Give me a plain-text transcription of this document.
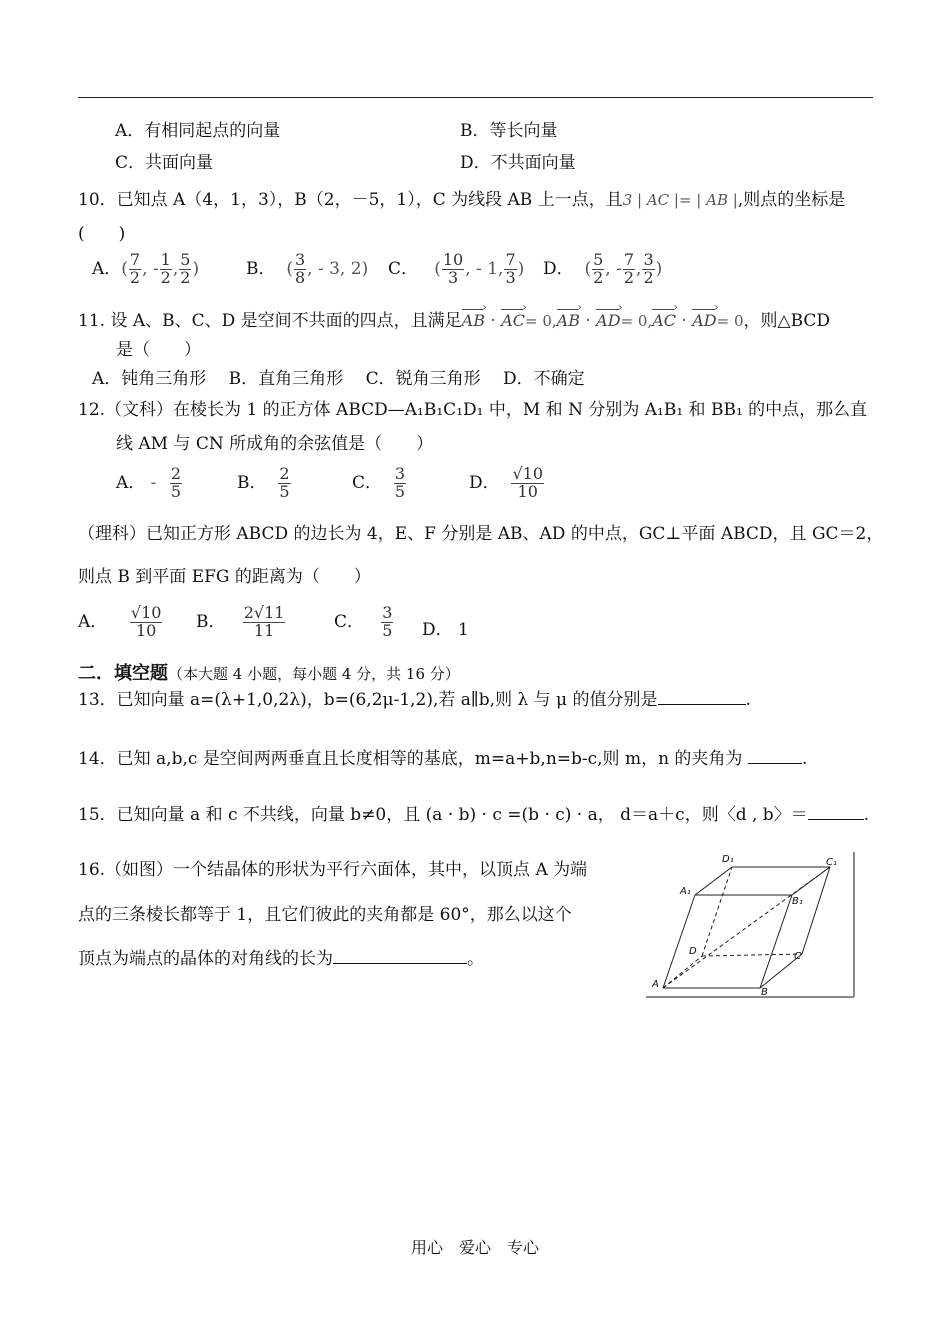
A．有相同起点的向量	B．等长向量
C．共面向量	D．不共面向量
10．已知点 A（4，1，3），B（2，－5，1），C 为线段 AB 上一点，且3 | AC |= | AB |,则点的坐标是
(　　)
A．( $\frac{7}{2}$ , - $\frac{1}{2}$ , $\frac{5}{2}$ )	B． ( $\frac{3}{8}$ , - 3, 2) C． ( $\frac{10}{3}$ , - 1, $\frac{7}{3}$ ) D． ( $\frac{5}{2}$ , - $\frac{7}{2}$ , $\frac{3}{2}$ )
11. 设 A、B、C、D 是空间不共面的四点，且满足AB › · AC ›= 0,AB › · AD ›= 0,AC › · AD ›= 0，则△BCD
是（　　）
A．钝角三角形　 B．直角三角形　 C．锐角三角形　 D．不确定
12.（文科）在棱长为 1 的正方体 ABCD—A₁B₁C₁D₁ 中，M 和 N 分别为 A₁B₁ 和 BB₁ 的中点，那么直
线 AM 与 CN 所成角的余弦值是（　　）
A． - $\frac{2}{5}$	B． $\frac{2}{5}$	C． $\frac{3}{5}$	D． $\frac{√10}{10}$
（理科）已知正方形 ABCD 的边长为 4，E、F 分别是 AB、AD 的中点，GC⊥平面 ABCD，且 GC＝2，
则点 B 到平面 EFG 的距离为（　　）
A． $\frac{√10}{10}$ B． $\frac{2√11}{11}$	C． $\frac{3}{5}$ D． 1
二．填空题（本大题 4 小题，每小题 4 分，共 16 分）
13．已知向量 a=(λ+1,0,2λ)，b=(6,2μ-1,2),若 a∥b,则 λ 与 μ 的值分别是	.
14．已知 a,b,c 是空间两两垂直且长度相等的基底，m=a+b,n=b-c,则 m，n 的夹角为	.
15．已知向量 a 和 c 不共线，向量 b≠0，且 (a · b) · c =(b · c) · a， d＝a＋c，则〈d , b〉＝	.
16.（如图）一个结晶体的形状为平行六面体，其中，以顶点 A 为端
点的三条棱长都等于 1，且它们彼此的夹角都是 60°，那么以这个
顶点为端点的晶体的对角线的长为	。
D₁	C₁
A₁
B₁
D	C
A
B
用心　爱心　专心
